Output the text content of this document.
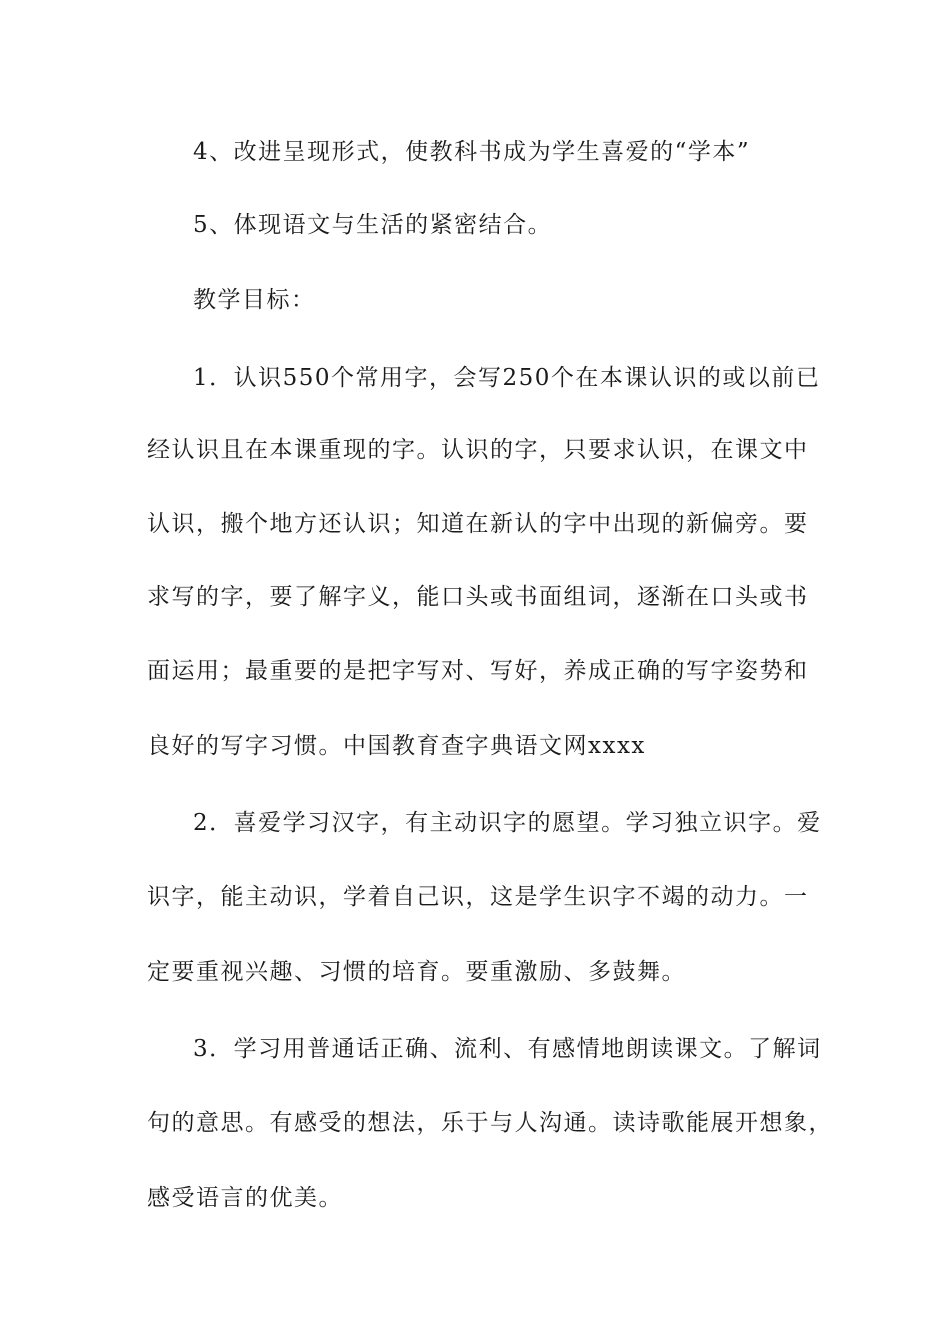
4、改进呈现形式，使教科书成为学生喜爱的“学本”
5、体现语文与生活的紧密结合。
教学目标：
1．认识550个常用字，会写250个在本课认识的或以前已
经认识且在本课重现的字。认识的字，只要求认识，在课文中
认识，搬个地方还认识；知道在新认的字中出现的新偏旁。要
求写的字，要了解字义，能口头或书面组词，逐渐在口头或书
面运用；最重要的是把字写对、写好，养成正确的写字姿势和
良好的写字习惯。中国教育查字典语文网xxxx
2．喜爱学习汉字，有主动识字的愿望。学习独立识字。爱
识字，能主动识，学着自己识，这是学生识字不竭的动力。一
定要重视兴趣、习惯的培育。要重激励、多鼓舞。
3．学习用普通话正确、流利、有感情地朗读课文。了解词
句的意思。有感受的想法，乐于与人沟通。读诗歌能展开想象，
感受语言的优美。
